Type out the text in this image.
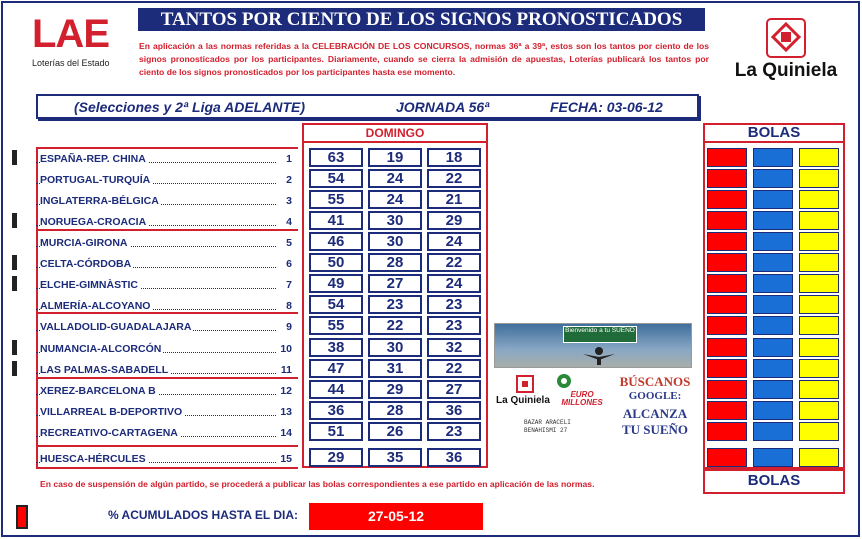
LAE
Loterías del Estado
TANTOS POR CIENTO DE LOS SIGNOS PRONOSTICADOS
En aplicación a las normas referidas a la CELEBRACIÓN DE LOS CONCURSOS, normas 36ª a 39ª, estos son los tantos por ciento de los signos pronosticados por los participantes. Diariamente, cuando se cierra la admisión de apuestas, Loterías publicará los tantos por ciento de los signos pronosticados por los participantes hasta ese momento.	La Quiniela
(Selecciones y 2ª Liga ADELANTE)	JORNADA 56ª	FECHA: 03-06-12
DOMINGO	BOLAS
BOLAS
ESPAÑA-REP. CHINA	1	63	19	18
PORTUGAL-TURQUÍA	2	54	24	22
INGLATERRA-BÉLGICA	3	55	24	21
NORUEGA-CROACIA	4	41	30	29
MURCIA-GIRONA	5	46	30	24
CELTA-CÓRDOBA	6	50	28	22
ELCHE-GIMNÀSTIC	7	49	27	24
ALMERÍA-ALCOYANO	8	54	23	23
VALLADOLID-GUADALAJARA	9	55	22	23
NUMANCIA-ALCORCÓN	10	38	30	32
LAS PALMAS-SABADELL	11	47	31	22
XEREZ-BARCELONA B	12	44	29	27
VILLARREAL B-DEPORTIVO	13	36	28	36
RECREATIVO-CARTAGENA	14	51	26	23
HUESCA-HÉRCULES	15	29	35	36
Bienvenido a tu SUEÑO
La Quiniela
EURO MILLONES
BAZAR ARACELI
BENAHISMI 27
BÚSCANOS
GOOGLE:
ALCANZA
TU SUEÑO
En caso de suspensión de algún partido, se procederá a publicar las bolas correspondientes a ese partido en aplicación de las normas.
% ACUMULADOS HASTA EL DIA:	27-05-12
